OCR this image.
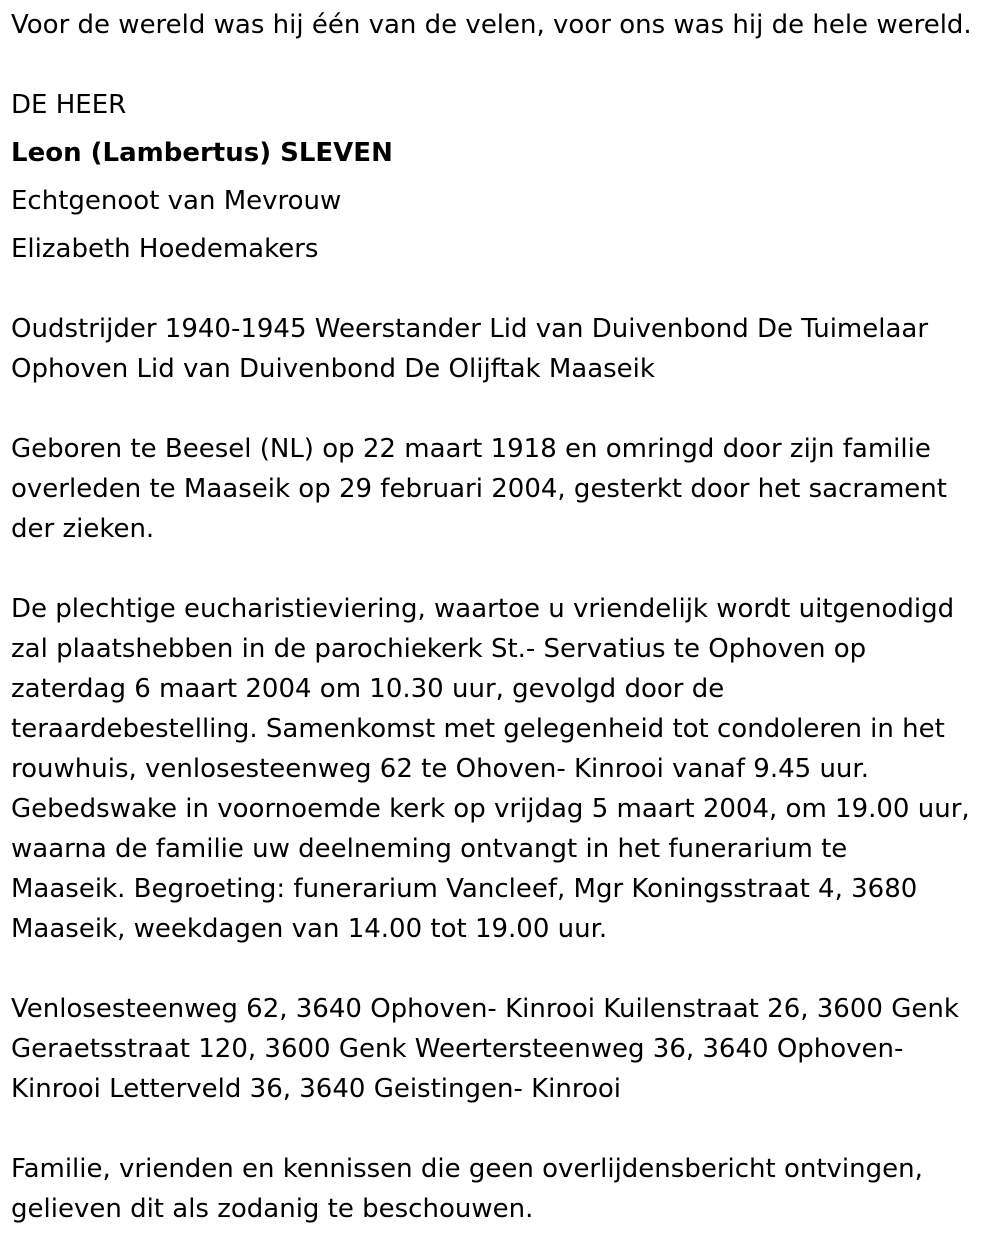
Voor de wereld was hij één van de velen, voor ons was hij de hele wereld.
DE HEER
Leon (Lambertus) SLEVEN
Echtgenoot van Mevrouw
Elizabeth Hoedemakers
Oudstrijder 1940-1945 Weerstander Lid van Duivenbond De Tuimelaar
Ophoven Lid van Duivenbond De Olijftak Maaseik
Geboren te Beesel (NL) op 22 maart 1918 en omringd door zijn familie
overleden te Maaseik op 29 februari 2004, gesterkt door het sacrament
der zieken.
De plechtige eucharistieviering, waartoe u vriendelijk wordt uitgenodigd
zal plaatshebben in de parochiekerk St.- Servatius te Ophoven op
zaterdag 6 maart 2004 om 10.30 uur, gevolgd door de
teraardebestelling. Samenkomst met gelegenheid tot condoleren in het
rouwhuis, venlosesteenweg 62 te Ohoven- Kinrooi vanaf 9.45 uur.
Gebedswake in voornoemde kerk op vrijdag 5 maart 2004, om 19.00 uur,
waarna de familie uw deelneming ontvangt in het funerarium te
Maaseik. Begroeting: funerarium Vancleef, Mgr Koningsstraat 4, 3680
Maaseik, weekdagen van 14.00 tot 19.00 uur.
Venlosesteenweg 62, 3640 Ophoven- Kinrooi Kuilenstraat 26, 3600 Genk
Geraetsstraat 120, 3600 Genk Weertersteenweg 36, 3640 Ophoven-
Kinrooi Letterveld 36, 3640 Geistingen- Kinrooi
Familie, vrienden en kennissen die geen overlijdensbericht ontvingen,
gelieven dit als zodanig te beschouwen.
